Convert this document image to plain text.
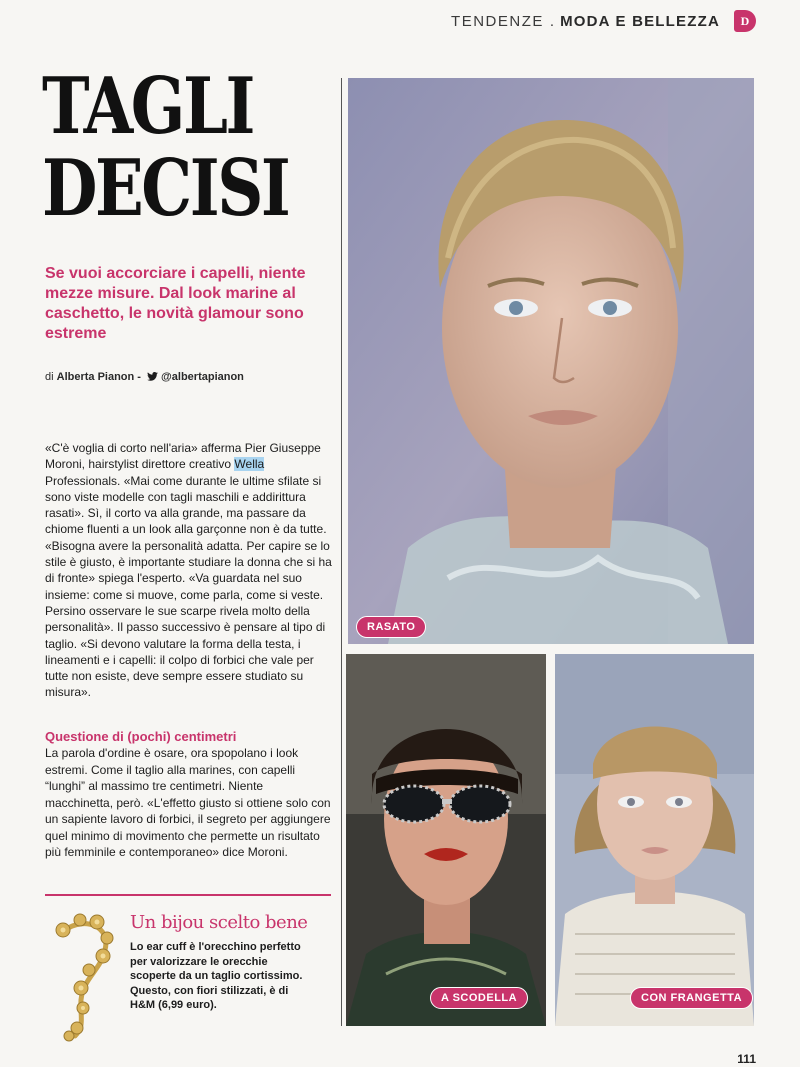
TENDENZE . MODA E BELLEZZA	D
TAGLI
DECISI
Se vuoi accorciare i capelli, niente mezze misure. Dal look marine al caschetto, le novità glamour sono estreme
di Alberta Pianon - @albertapianon
«C'è voglia di corto nell'aria» afferma Pier Giuseppe Moroni, hairstylist direttore creativo Wella Professionals. «Mai come durante le ultime sfilate si sono viste modelle con tagli maschili e addirittura rasati». Sì, il corto va alla grande, ma passare da chiome fluenti a un look alla garçonne non è da tutte. «Bisogna avere la personalità adatta. Per capire se lo stile è giusto, è importante studiare la donna che si ha di fronte» spiega l'esperto. «Va guardata nel suo insieme: come si muove, come parla, come si veste. Persino osservare le sue scarpe rivela molto della personalità». Il passo successivo è pensare al tipo di taglio. «Si devono valutare la forma della testa, i lineamenti e i capelli: il colpo di forbici che vale per tutte non esiste, deve sempre essere studiato su misura».
Questione di (pochi) centimetri
La parola d'ordine è osare, ora spopolano i look estremi. Come il taglio alla marines, con capelli “lunghi” al massimo tre centimetri. Niente macchinetta, però. «L'effetto giusto si ottiene solo con un sapiente lavoro di forbici, il segreto per aggiungere quel minimo di movimento che permette un risultato più femminile e contemporaneo» dice Moroni.
Un bijou scelto bene
Lo ear cuff è l'orecchino perfetto per valorizzare le orecchie scoperte da un taglio cortissimo. Questo, con fiori stilizzati, è di H&M (6,99 euro).
RASATO
A SCODELLA	CON FRANGETTA
111
